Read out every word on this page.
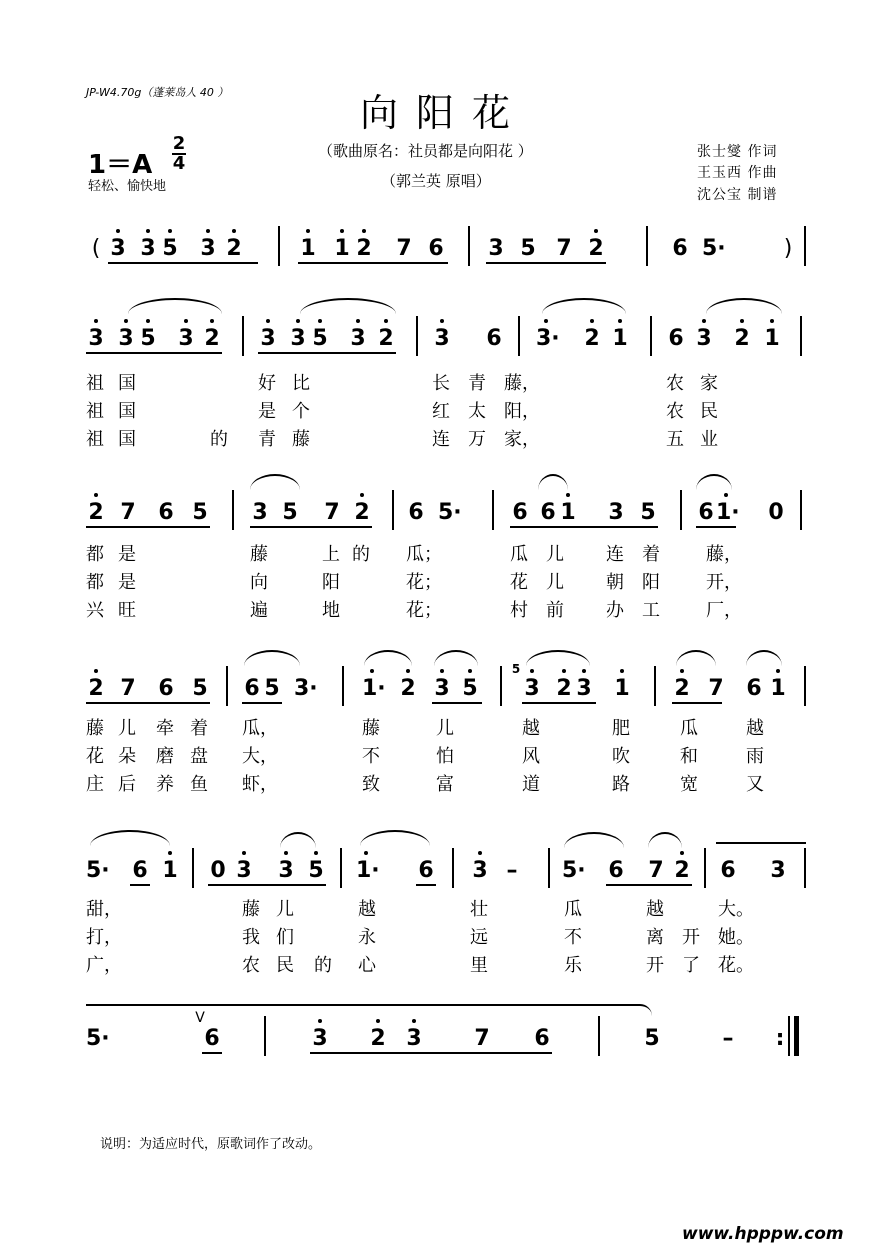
JP-W4.70g（蓬莱岛人 40 ）	向阳花
（歌曲原名：社员都是向阳花 ）
（郭兰英 原唱）
张士燮 作词
王玉西 作曲
沈公宝 制谱
1＝A
2
4
轻松、愉快地
( 3 3 5 3 2	1 1 2 7 6 3 5 7 2	6 5·	)
3 3 5 3 2 3 3 5 3 2 3 6 3· 2 1 6 3 2 1
祖 国	好 比	长 青 藤，	农 家
祖 国	是 个	红 太 阳，	农 民
祖 国	的 青 藤	连 万 家，	五 业
2 7 6 5 3 5 7 2 6 5· 6 6 1 3 5 6 1· 0
都 是	藤	上 的 瓜；	瓜 儿 连 着	藤，
都 是	向	阳	花；	花 儿 朝 阳	开，
兴 旺	遍	地	花；	村 前 办 工	厂，
2 7 6 5 6 5 3· 1· 2 3 5
5
3 2 3 1 2 7 6 1
藤 儿 牵 着 瓜，	藤	儿	越	肥	瓜	越
花 朵 磨 盘 大，	不	怕	风	吹	和	雨
庄 后 养 鱼 虾，	致	富	道	路	宽	又
5· 6 1 0 3 3 5 1· 6 3 – 5· 6 7 2 6 3
甜，	藤 儿	越	壮	瓜	越	大。
打，	我 们	永	远	不	离 开 她。
广，	农 民 的 心	里	乐	开 了 花。
5·
V
6	3 2 3 7 6	5	– :
说明：为适应时代，原歌词作了改动。
www.hpppw.com
